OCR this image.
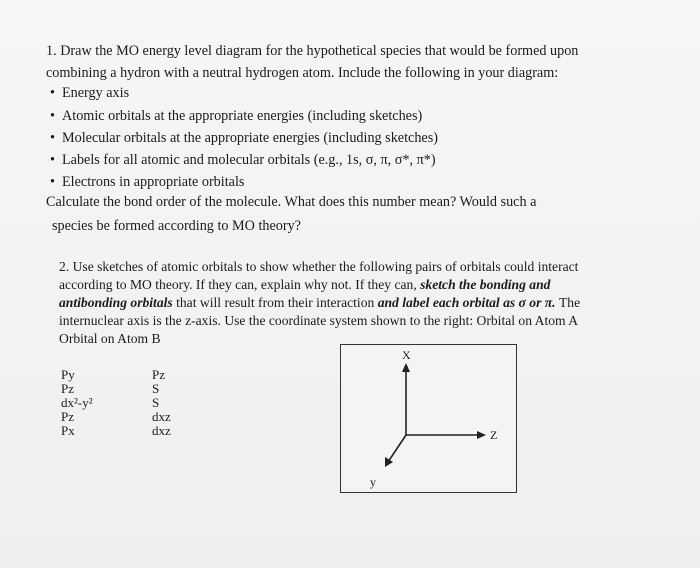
1. Draw the MO energy level diagram for the hypothetical species that would be formed upon
combining a hydron with a neutral hydrogen atom. Include the following in your diagram:
• Energy axis
• Atomic orbitals at the appropriate energies (including sketches)
• Molecular orbitals at the appropriate energies (including sketches)
• Labels for all atomic and molecular orbitals (e.g., 1s, σ, π, σ*, π*)
• Electrons in appropriate orbitals
Calculate the bond order of the molecule. What does this number mean? Would such a
species be formed according to MO theory?
2. Use sketches of atomic orbitals to show whether the following pairs of orbitals could interact
according to MO theory. If they can, explain why not. If they can, sketch the bonding and
antibonding orbitals that will result from their interaction and label each orbital as σ or π. The
internuclear axis is the z-axis. Use the coordinate system shown to the right: Orbital on Atom A
Orbital on Atom B
Py
Pz
dx²-y²
Pz
Px
Pz
S
S
dxz
dxz
X
Z
y
